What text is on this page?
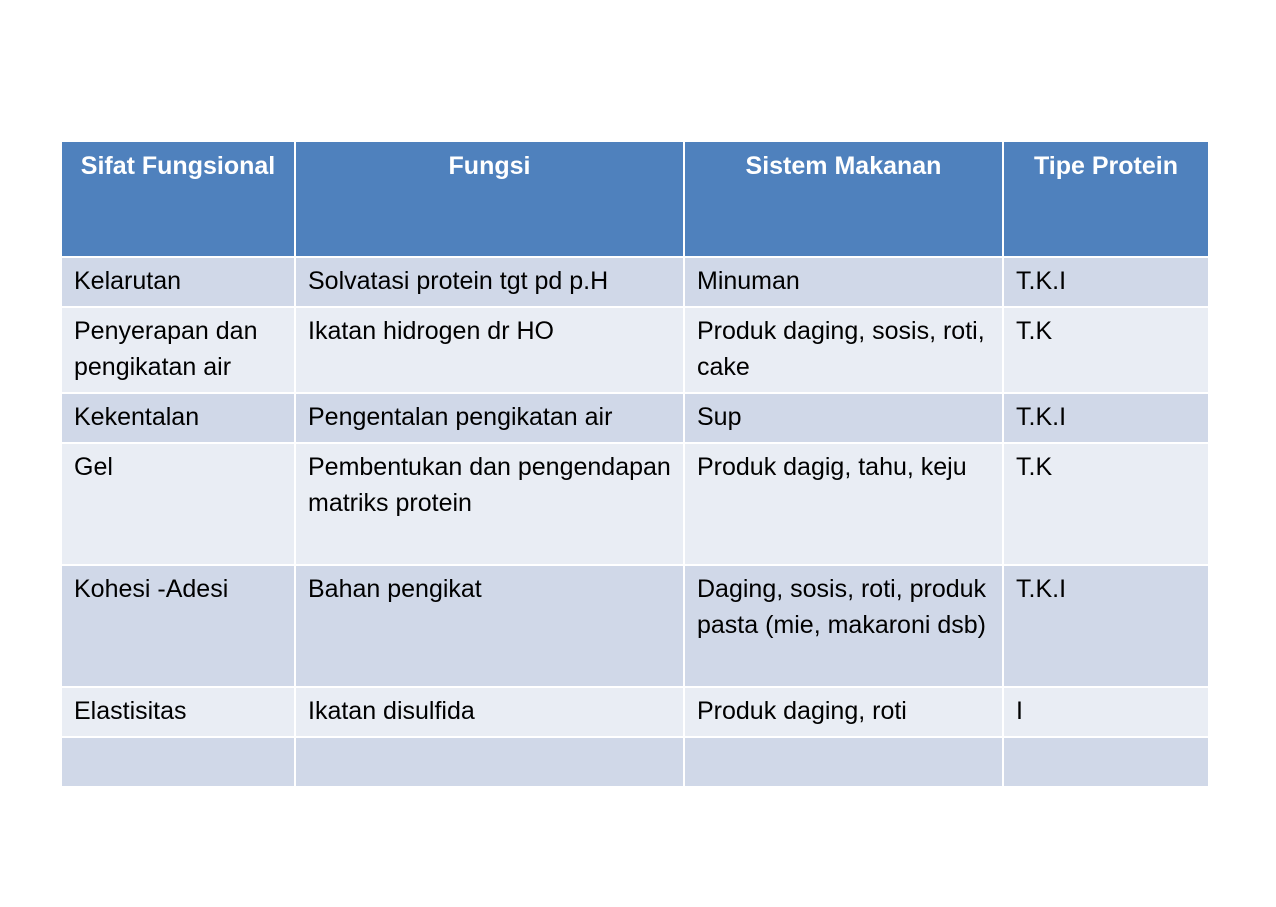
Sifat Fungsional	Fungsi	Sistem Makanan	Tipe Protein
Kelarutan	Solvatasi protein tgt pd p.H	Minuman	T.K.I
Penyerapan dan pengikatan air	Ikatan hidrogen dr HO	Produk daging, sosis, roti, cake	T.K
Kekentalan	Pengentalan pengikatan air	Sup	T.K.I
Gel	Pembentukan dan pengendapan matriks protein	Produk dagig, tahu, keju	T.K
Kohesi -Adesi	Bahan pengikat	Daging, sosis, roti, produk pasta (mie, makaroni dsb)	T.K.I
Elastisitas	Ikatan disulfida	Produk daging, roti	I
